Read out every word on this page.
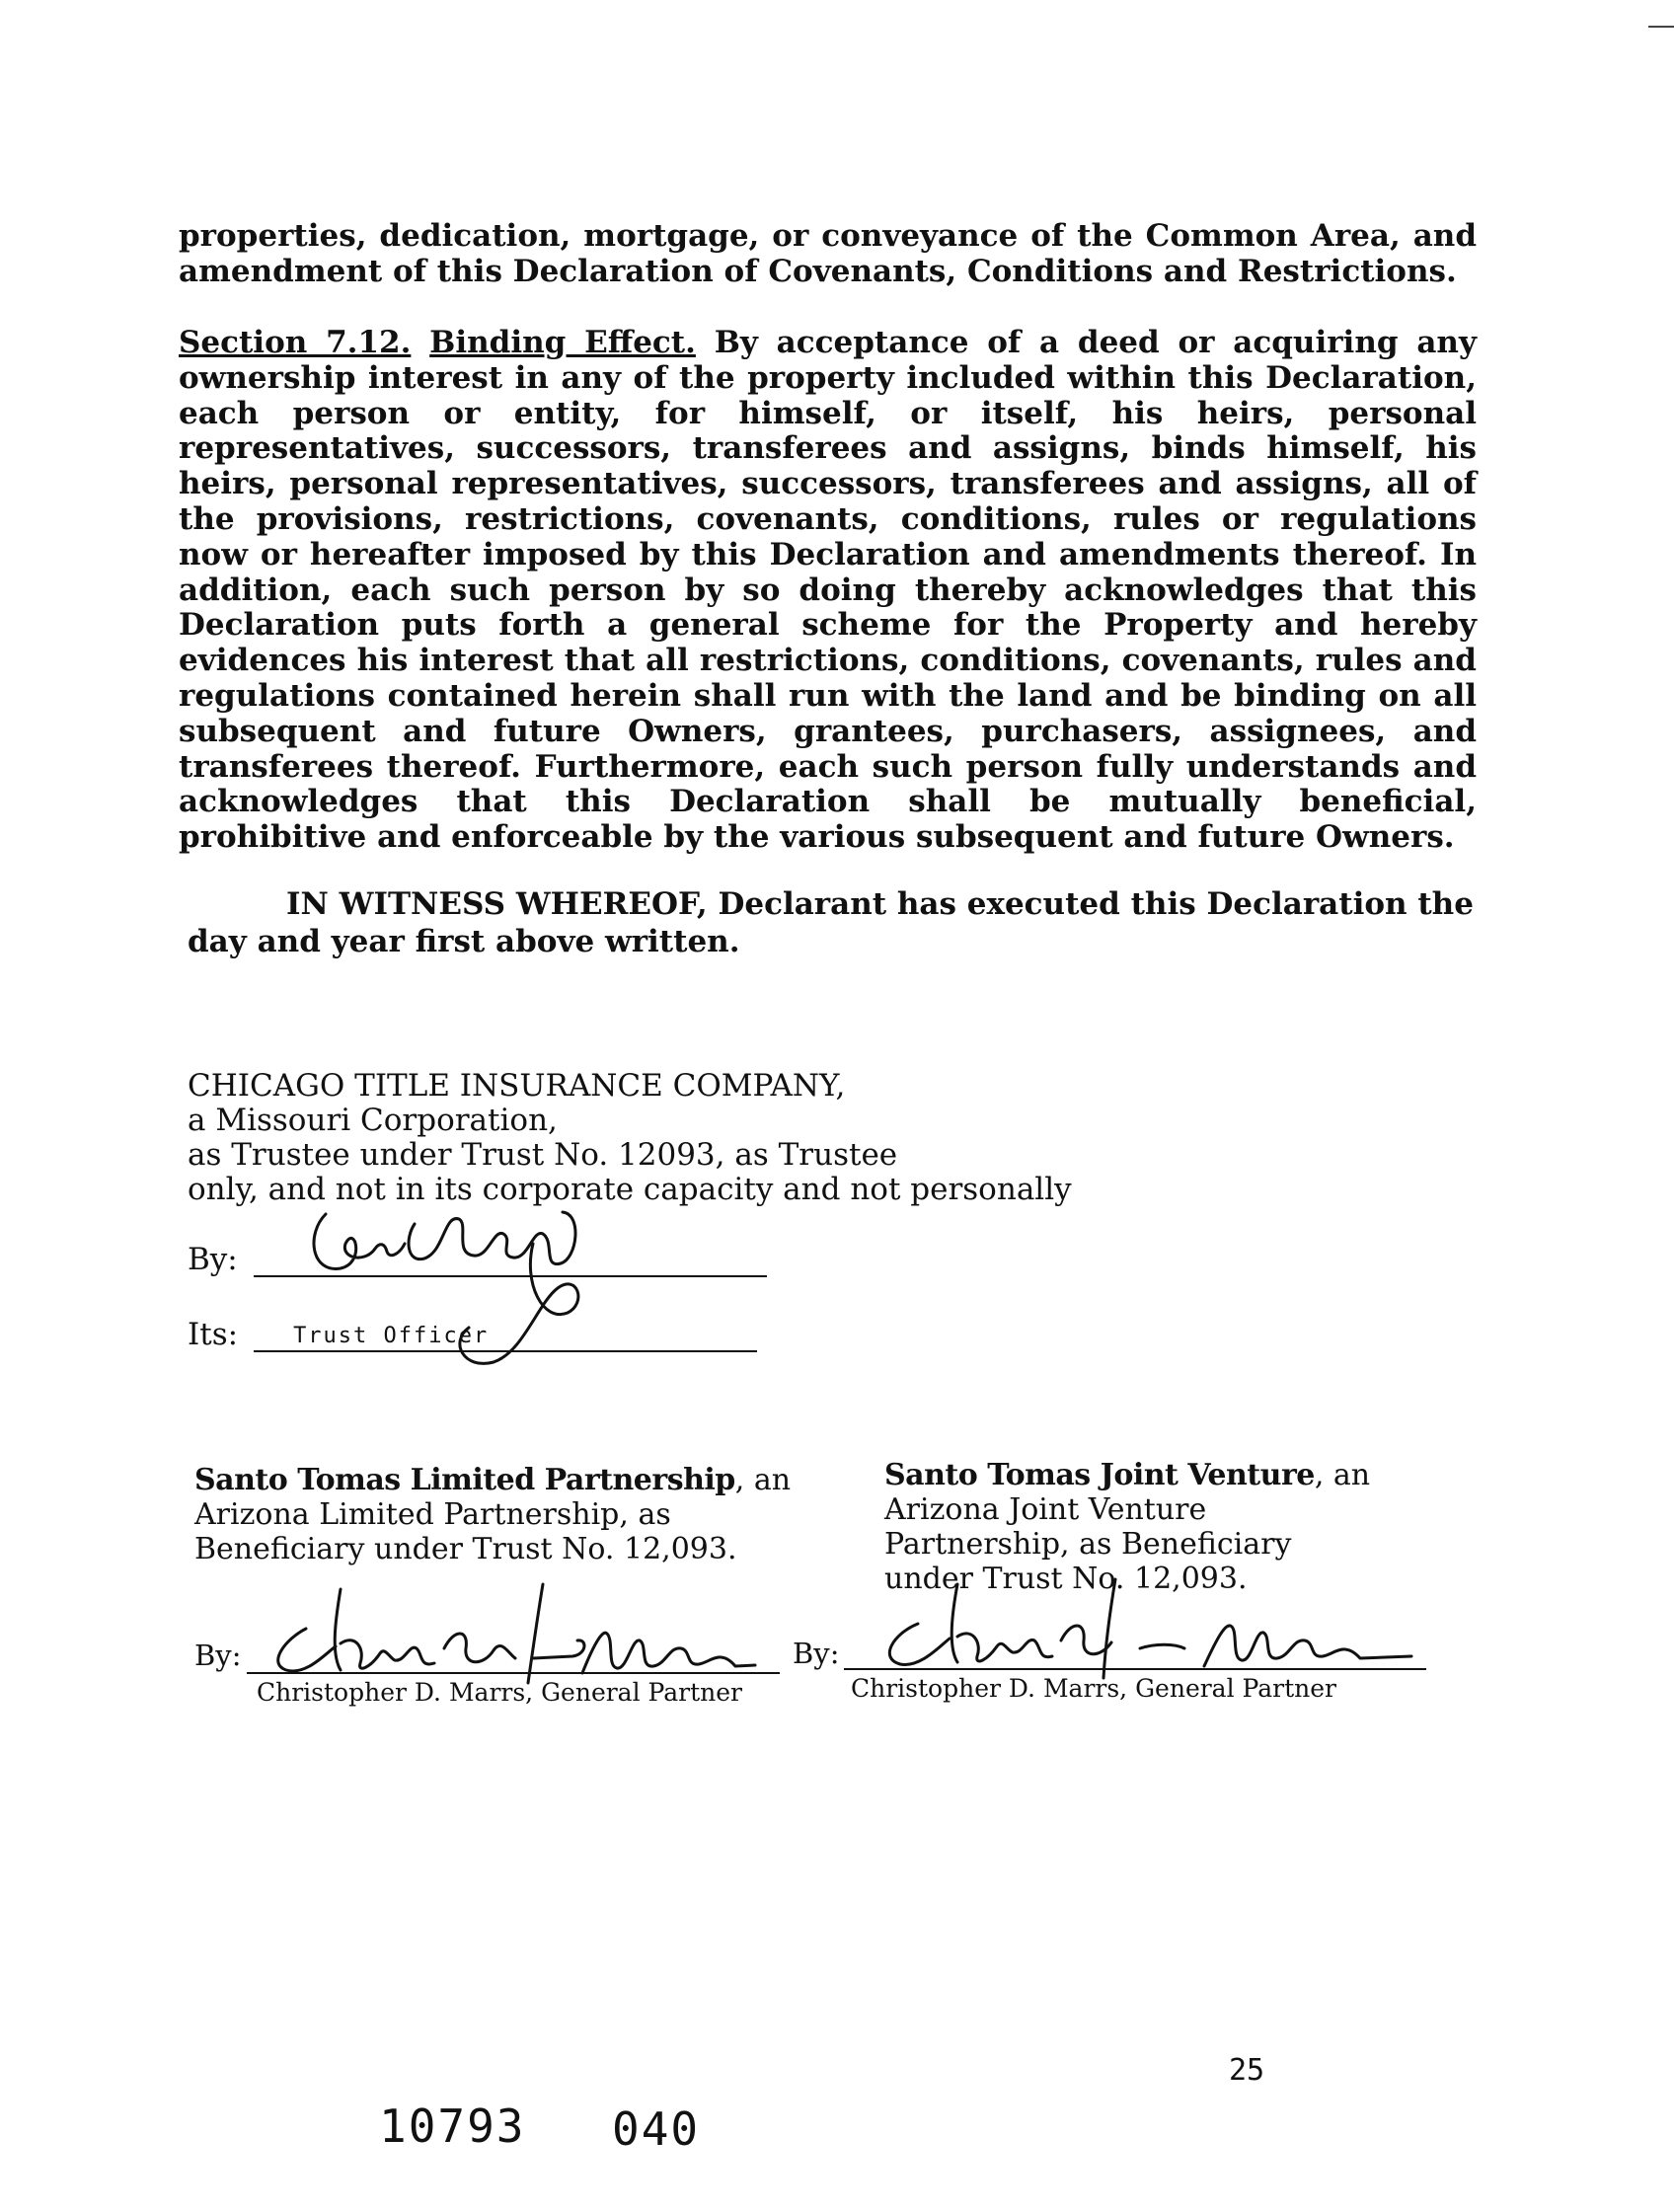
properties, dedication, mortgage, or conveyance of the Common Area, and amendment of this Declaration of Covenants, Conditions and Restrictions.
Section 7.12. Binding Effect. By acceptance of a deed or acquiring any ownership interest in any of the property included within this Declaration, each person or entity, for himself, or itself, his heirs, personal representatives, successors, transferees and assigns, binds himself, his heirs, personal representatives, successors, transferees and assigns, all of the provisions, restrictions, covenants, conditions, rules or regulations now or hereafter imposed by this Declaration and amendments thereof. In addition, each such person by so doing thereby acknowledges that this Declaration puts forth a general scheme for the Property and hereby evidences his interest that all restrictions, conditions, covenants, rules and regulations contained herein shall run with the land and be binding on all subsequent and future Owners, grantees, purchasers, assignees, and transferees thereof. Furthermore, each such person fully understands and acknowledges that this Declaration shall be mutually beneficial, prohibitive and enforceable by the various subsequent and future Owners.
IN WITNESS WHEREOF, Declarant has executed this Declaration the day and year first above written.
CHICAGO TITLE INSURANCE COMPANY,
a Missouri Corporation,
as Trustee under Trust No. 12093, as Trustee
only, and not in its corporate capacity and not personally
By:
Its:	Trust Officer
Santo Tomas Limited Partnership, an
Arizona Limited Partnership, as
Beneficiary under Trust No. 12,093.
Santo Tomas Joint Venture, an
Arizona Joint Venture
Partnership, as Beneficiary
under Trust No. 12,093.
By:
Christopher D. Marrs, General Partner
By:
Christopher D. Marrs, General Partner
25
10793 040
